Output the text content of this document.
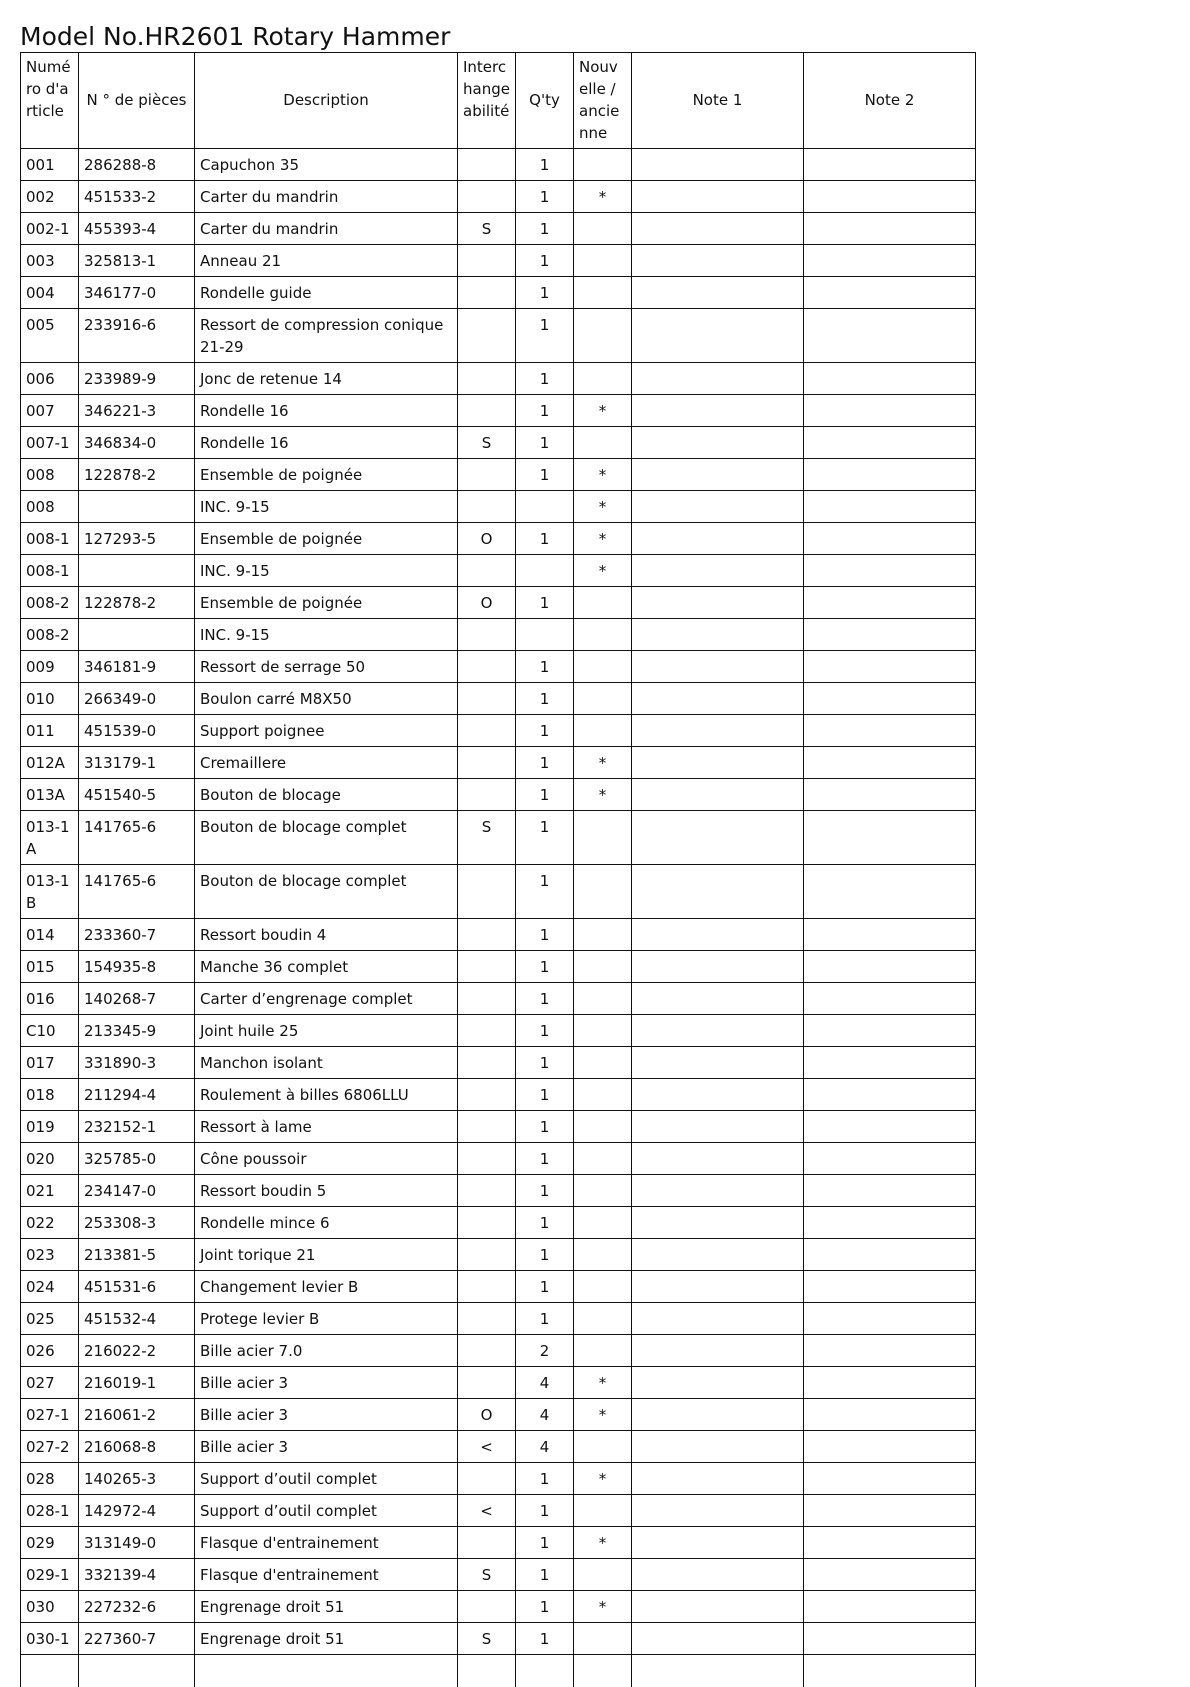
Model No.HR2601 Rotary Hammer
Numéro d'article	N ° de pièces	Description	Interchangeabilité	Q'ty	Nouvelle / ancienne	Note 1	Note 2
001	286288-8	Capuchon 35		1			
002	451533-2	Carter du mandrin		1	*		
002-1	455393-4	Carter du mandrin	S	1			
003	325813-1	Anneau 21		1			
004	346177-0	Rondelle guide		1			
005	233916-6	Ressort de compression conique 21-29		1			
006	233989-9	Jonc de retenue 14		1			
007	346221-3	Rondelle 16		1	*		
007-1	346834-0	Rondelle 16	S	1			
008	122878-2	Ensemble de poignée		1	*		
008		INC. 9-15			*		
008-1	127293-5	Ensemble de poignée	O	1	*		
008-1		INC. 9-15			*		
008-2	122878-2	Ensemble de poignée	O	1			
008-2		INC. 9-15					
009	346181-9	Ressort de serrage 50		1			
010	266349-0	Boulon carré M8X50		1			
011	451539-0	Support poignee		1			
012A	313179-1	Cremaillere		1	*		
013A	451540-5	Bouton de blocage		1	*		
013-1A	141765-6	Bouton de blocage complet	S	1			
013-1B	141765-6	Bouton de blocage complet		1			
014	233360-7	Ressort boudin 4		1			
015	154935-8	Manche 36 complet		1			
016	140268-7	Carter d’engrenage complet		1			
C10	213345-9	Joint huile 25		1			
017	331890-3	Manchon isolant		1			
018	211294-4	Roulement à billes 6806LLU		1			
019	232152-1	Ressort à lame		1			
020	325785-0	Cône poussoir		1			
021	234147-0	Ressort boudin 5		1			
022	253308-3	Rondelle mince 6		1			
023	213381-5	Joint torique 21		1			
024	451531-6	Changement levier B		1			
025	451532-4	Protege levier B		1			
026	216022-2	Bille acier 7.0		2			
027	216019-1	Bille acier 3		4	*		
027-1	216061-2	Bille acier 3	O	4	*		
027-2	216068-8	Bille acier 3	<	4			
028	140265-3	Support d’outil complet		1	*		
028-1	142972-4	Support d’outil complet	<	1			
029	313149-0	Flasque d'entrainement		1	*		
029-1	332139-4	Flasque d'entrainement	S	1			
030	227232-6	Engrenage droit 51		1	*		
030-1	227360-7	Engrenage droit 51	S	1			
